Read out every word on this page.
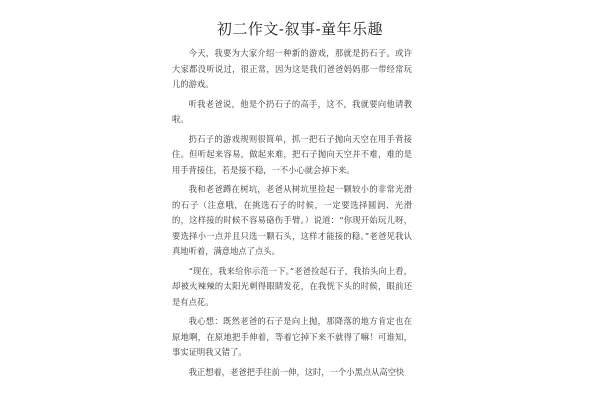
初二作文-叙事-童年乐趣

今天，我要为大家介绍一种新的游戏，那就是扔石子。或许大家都没听说过，很正常，因为这是我们爸爸妈妈那一带经常玩儿的游戏。

听我老爸说，他是个扔石子的高手，这不，我就要向他请教啦。

扔石子的游戏规则很简单，抓一把石子抛向天空在用手背接住。但听起来容易，做起来难，把石子抛向天空并不难，难的是用手背接住，若是接不稳，一不小心就会掉下来。

我和老爸蹲在树坑，老爸从树坑里捡起一颗较小的非常光滑的石子（注意哦，在挑选石子的时候，一定要选择圆润、光滑的，这样接的时候不容易硌伤手臂。）说道：“你现开始玩儿呀，要选择小一点并且只选一颗石头，这样才能接的稳。”老爸见我认真地听着，满意地点了点头。

“现在，我来给你示范一下。”老爸捡起石子，我抬头向上看，却被火辣辣的太阳光刺得眼睛发花，在我恍下头的时候，眼前还是有点花。

我心想：既然老爸的石子是向上抛，那降落的地方肯定也在原地啊，在原地把手伸着，等着它掉下来不就得了嘛！可谁知，事实证明我又错了。

我正想着，老爸把手往前一伸，这时，一个小黑点从高空快
